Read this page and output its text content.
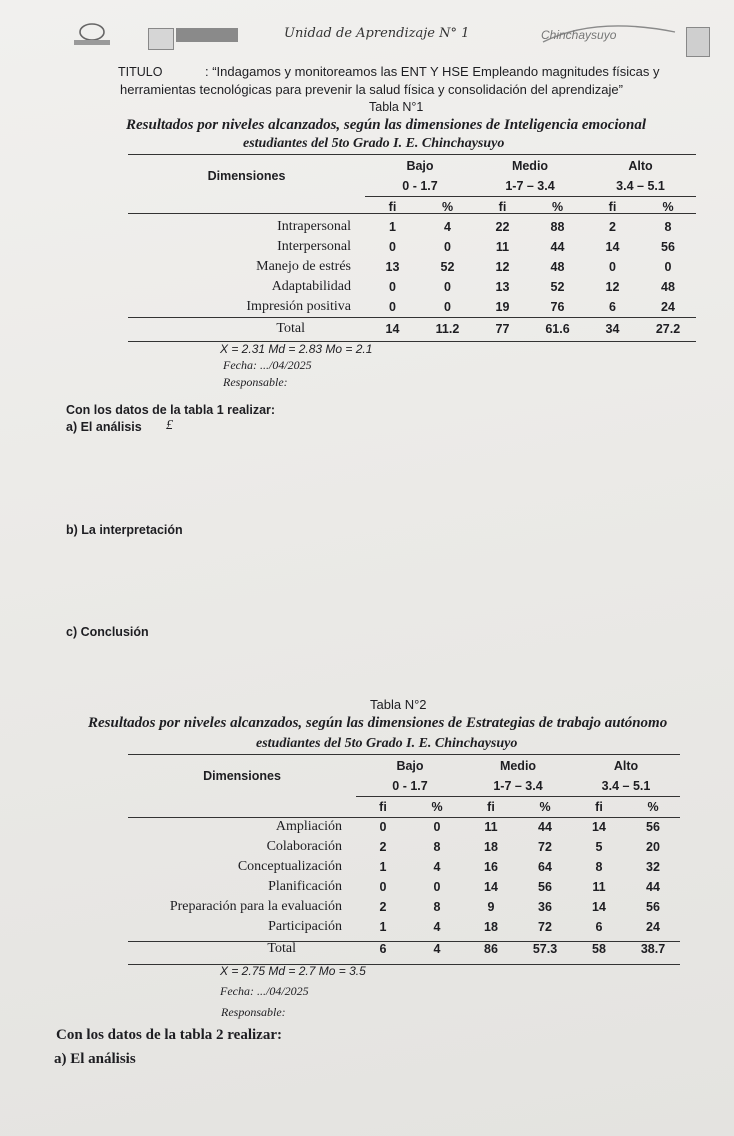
Unidad de Aprendizaje N° 1	Chinchaysuyo
TITULO	: “Indagamos y monitoreamos las ENT Y HSE Empleando magnitudes físicas y
herramientas tecnológicas para prevenir la salud física y consolidación del aprendizaje”
Tabla N°1
Resultados por niveles alcanzados, según las dimensiones de Inteligencia emocional
estudiantes del 5to Grado I. E. Chinchaysuyo
Dimensiones	Bajo		Medio		Alto	
	0 - 1.7		1-7 – 3.4		3.4 – 5.1	
	fi	%	fi	%	fi	%
Intrapersonal	1	4	22	88	2	8
Interpersonal	0	0	11	44	14	56
Manejo de estrés	13	52	12	48	0	0
Adaptabilidad	0	0	13	52	12	48
Impresión positiva	0	0	19	76	6	24
Total	14	11.2	77	61.6	34	27.2
X = 2.31 Md = 2.83 Mo = 2.1
Fecha: .../04/2025
Responsable:
Con los datos de la tabla 1 realizar:
a) El análisis £
b) La interpretación
c) Conclusión
Tabla N°2
Resultados por niveles alcanzados, según las dimensiones de Estrategias de trabajo autónomo
estudiantes del 5to Grado I. E. Chinchaysuyo
Dimensiones	Bajo		Medio		Alto	
	0 - 1.7		1-7 – 3.4		3.4 – 5.1	
	fi	%	fi	%	fi	%
Ampliación	0	0	11	44	14	56
Colaboración	2	8	18	72	5	20
Conceptualización	1	4	16	64	8	32
Planificación	0	0	14	56	11	44
Preparación para la evaluación	2	8	9	36	14	56
Participación	1	4	18	72	6	24
Total	6	4	86	57.3	58	38.7
X = 2.75 Md = 2.7 Mo = 3.5
Fecha: .../04/2025
Responsable:
Con los datos de la tabla 2 realizar:
a) El análisis
